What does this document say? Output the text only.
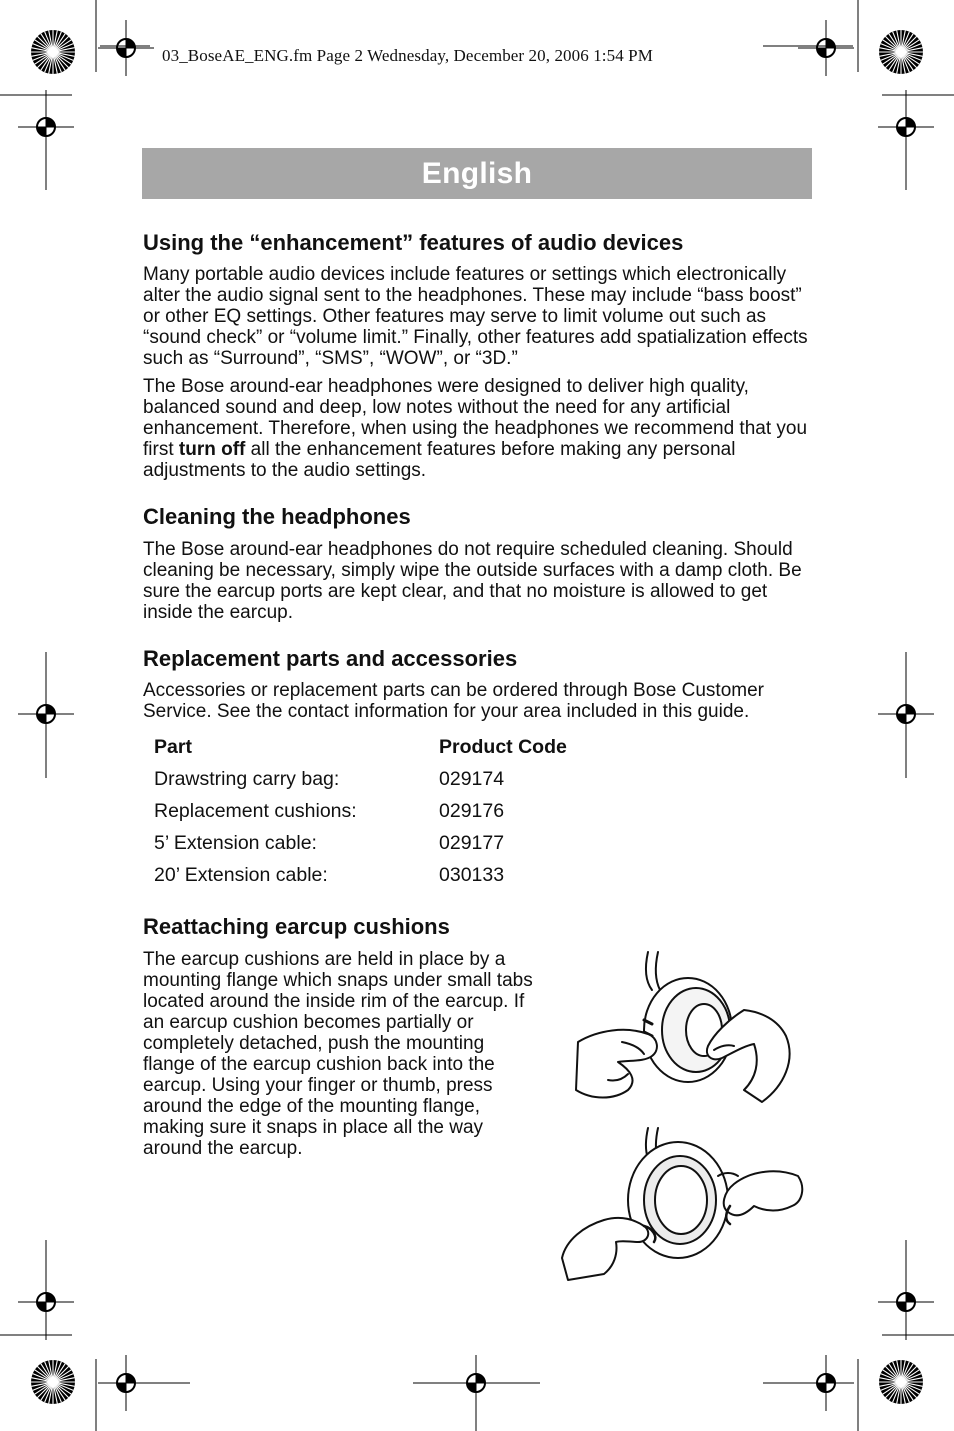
03_BoseAE_ENG.fm Page 2 Wednesday, December 20, 2006 1:54 PM
English
Using the “enhancement” features of audio devices

Many portable audio devices include features or settings which electronically alter the audio signal sent to the headphones. These may include “bass boost” or other EQ settings. Other features may serve to limit volume out such as “sound check” or “volume limit.” Finally, other features add spatialization effects such as “Surround”, “SMS”, “WOW”, or “3D.”

The Bose around-ear headphones were designed to deliver high quality, balanced sound and deep, low notes without the need for any artificial enhancement. Therefore, when using the headphones we recommend that you first turn off all the enhancement features before making any personal adjustments to the audio settings.

Cleaning the headphones

The Bose around-ear headphones do not require scheduled cleaning. Should cleaning be necessary, simply wipe the outside surfaces with a damp cloth. Be sure the earcup ports are kept clear, and that no moisture is allowed to get inside the earcup.

Replacement parts and accessories

Accessories or replacement parts can be ordered through Bose Customer Service. See the contact information for your area included in this guide.

Part	Product Code
Drawstring carry bag:	029174
Replacement cushions:	029176
5’ Extension cable:	029177
20’ Extension cable:	030133
Reattaching earcup cushions

The earcup cushions are held in place by a mounting flange which snaps under small tabs located around the inside rim of the earcup. If an earcup cushion becomes partially or completely detached, push the mounting flange of the earcup cushion back into the earcup. Using your finger or thumb, press around the edge of the mounting flange, making sure it snaps in place all the way around the earcup.
